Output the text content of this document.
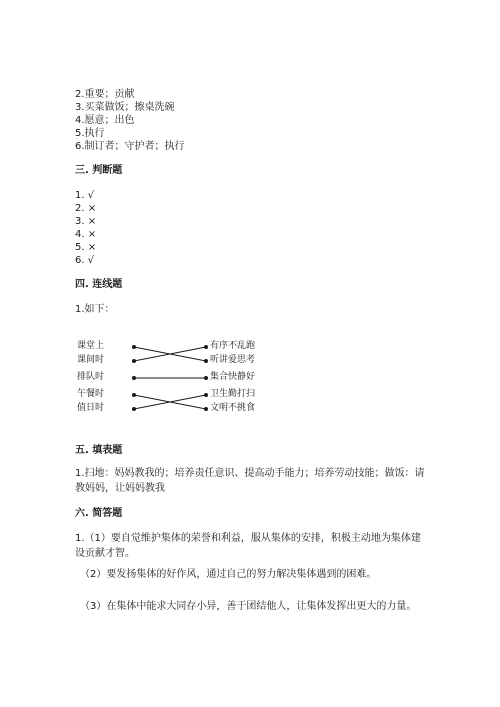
2.重要；贡献
3.买菜做饭；擦桌洗碗
4.愿意；出色
5.执行
6.制订者；守护者；执行
三. 判断题
1. √
2. ×
3. ×
4. ×
5. ×
6. √
四. 连线题
1.如下：
课堂上
课间时
排队时
午餐时
值日时
有序不乱跑
听讲爱思考
集合快静好
卫生勤打扫
文明不挑食
五. 填表题
1.扫地：妈妈教我的；培养责任意识、提高动手能力；培养劳动技能；做饭：请教妈妈，让妈妈教我
六. 简答题
1.（1）要自觉维护集体的荣誉和利益，服从集体的安排，积极主动地为集体建设贡献才智。
（2）要发扬集体的好作风，通过自己的努力解决集体遇到的困难。
（3）在集体中能求大同存小异，善于团结他人，让集体发挥出更大的力量。
